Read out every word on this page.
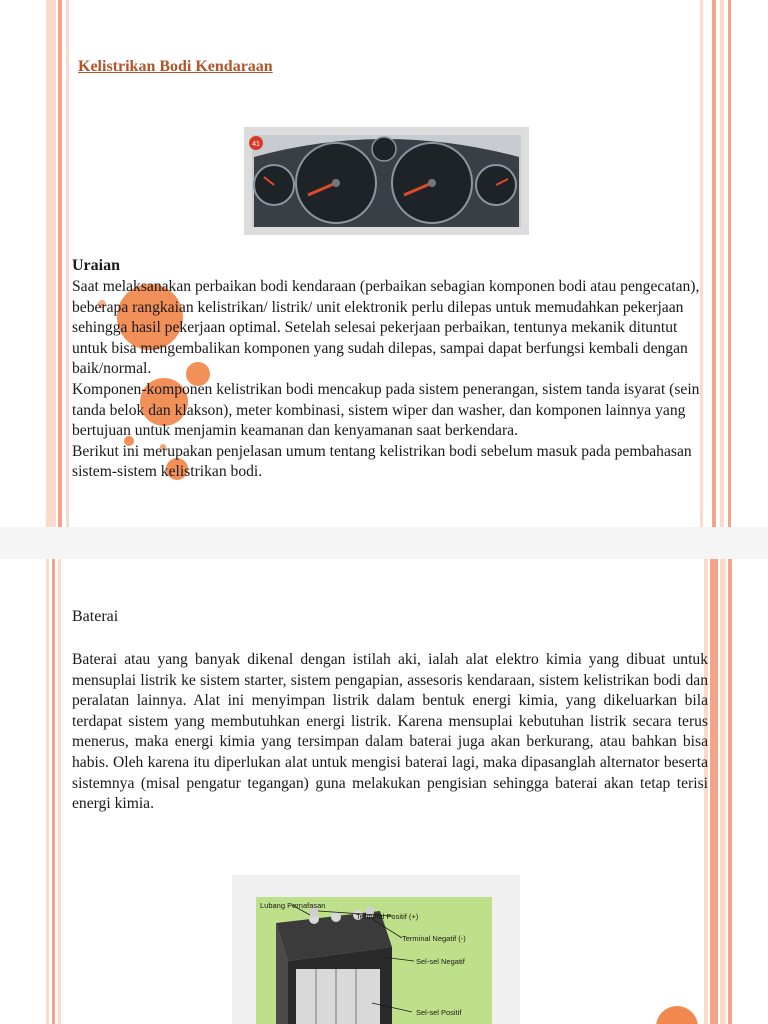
Kelistrikan Bodi Kendaraan
41
Uraian

Saat melaksanakan perbaikan bodi kendaraan (perbaikan sebagian komponen bodi atau pengecatan), beberapa rangkaian kelistrikan/ listrik/ unit elektronik perlu dilepas untuk memudahkan pekerjaan sehingga hasil pekerjaan optimal. Setelah selesai pekerjaan perbaikan, tentunya mekanik dituntut untuk bisa mengembalikan komponen yang sudah dilepas, sampai dapat berfungsi kembali dengan baik/normal.

Komponen-komponen kelistrikan bodi mencakup pada sistem penerangan, sistem tanda isyarat (sein tanda belok dan klakson), meter kombinasi, sistem wiper dan washer, dan komponen lainnya yang bertujuan untuk menjamin keamanan dan kenyamanan saat berkendara.

Berikut ini merupakan penjelasan umum tentang kelistrikan bodi sebelum masuk pada pembahasan sistem-sistem kelistrikan bodi.

Baterai

Baterai atau yang banyak dikenal dengan istilah aki, ialah alat elektro kimia yang dibuat untuk mensuplai listrik ke sistem starter, sistem pengapian, assesoris kendaraan, sistem kelistrikan bodi dan peralatan lainnya. Alat ini menyimpan listrik dalam bentuk energi kimia, yang dikeluarkan bila terdapat sistem yang membutuhkan energi listrik. Karena mensuplai kebutuhan listrik secara terus menerus, maka energi kimia yang tersimpan dalam baterai juga akan berkurang, atau bahkan bisa habis. Oleh karena itu diperlukan alat untuk mengisi baterai lagi, maka dipasanglah alternator beserta sistemnya (misal pengatur tegangan) guna melakukan pengisian sehingga baterai akan tetap terisi energi kimia.

Lubang Pernafasan
Terminal Positif (+)
Terminal Negatif (-)
Sel-sel Negatif
Sel-sel Positif
